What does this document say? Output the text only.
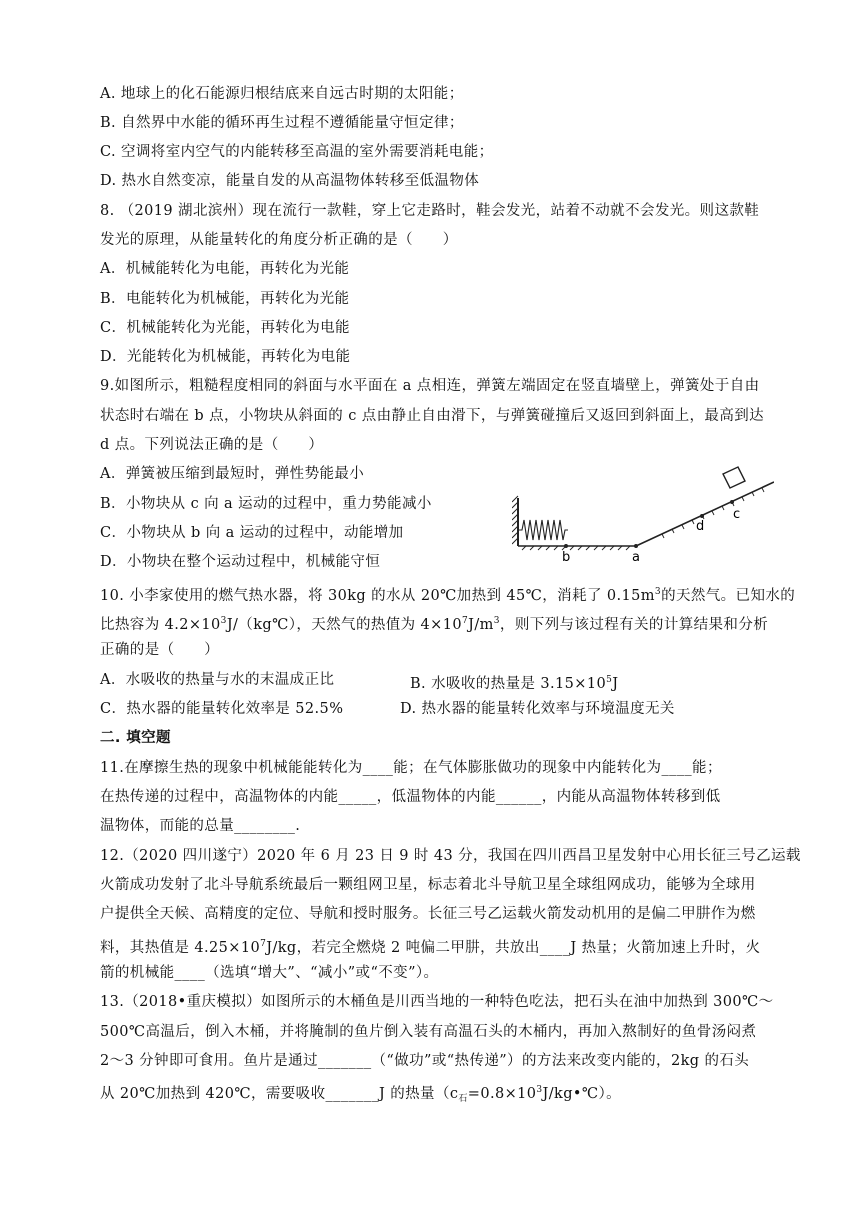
A. 地球上的化石能源归根结底来自远古时期的太阳能；
B. 自然界中水能的循环再生过程不遵循能量守恒定律；
C. 空调将室内空气的内能转移至高温的室外需要消耗电能；
D. 热水自然变凉，能量自发的从高温物体转移至低温物体
8. （2019 湖北滨州）现在流行一款鞋，穿上它走路时，鞋会发光，站着不动就不会发光。则这款鞋
发光的原理，从能量转化的角度分析正确的是（　　）
A．机械能转化为电能，再转化为光能
B．电能转化为机械能，再转化为光能
C．机械能转化为光能，再转化为电能
D．光能转化为机械能，再转化为电能
9.如图所示，粗糙程度相同的斜面与水平面在 a 点相连，弹簧左端固定在竖直墙壁上，弹簧处于自由
状态时右端在 b 点，小物块从斜面的 c 点由静止自由滑下，与弹簧碰撞后又返回到斜面上，最高到达
d 点。下列说法正确的是（　　）
A．弹簧被压缩到最短时，弹性势能最小
B．小物块从 c 向 a 运动的过程中，重力势能减小
C．小物块从 b 向 a 运动的过程中，动能增加
D．小物块在整个运动过程中，机械能守恒	b	a
d
c
10. 小李家使用的燃气热水器，将 30kg 的水从 20℃加热到 45℃，消耗了 $0.15m^3$的天然气。已知水的
比热容为 $4.2\times 10^3J/(kg℃)$，天然气的热值为 $4\times 10^7J/m^3$，则下列与该过程有关的计算结果和分析
正确的是（　　）
A．水吸收的热量与水的末温成正比	B. 水吸收的热量是 $3.15\times 10^5J$
C．热水器的能量转化效率是 52.5%	D. 热水器的能量转化效率与环境温度无关
二. 填空题
11.在摩擦生热的现象中机械能能转化为____能；在气体膨胀做功的现象中内能转化为____能；
在热传递的过程中，高温物体的内能_____，低温物体的内能______，内能从高温物体转移到低
温物体，而能的总量________.
12.（2020 四川遂宁）2020 年 6 月 23 日 9 时 43 分，我国在四川西昌卫星发射中心用长征三号乙运载
火箭成功发射了北斗导航系统最后一颗组网卫星，标志着北斗导航卫星全球组网成功，能够为全球用
户提供全天候、高精度的定位、导航和授时服务。长征三号乙运载火箭发动机用的是偏二甲肼作为燃
料，其热值是 $4.25\times 10^7J/kg$，若完全燃烧 2 吨偏二甲肼，共放出____J 热量；火箭加速上升时，火
箭的机械能____（选填“增大”、“减小”或“不变”）。
13.（2018•重庆模拟）如图所示的木桶鱼是川西当地的一种特色吃法，把石头在油中加热到 300℃～
500℃高温后，倒入木桶，并将腌制的鱼片倒入装有高温石头的木桶内，再加入熬制好的鱼骨汤闷煮
2～3 分钟即可食用。鱼片是通过_______（“做功”或“热传递”）的方法来改变内能的，2kg 的石头
从 20℃加热到 420℃，需要吸收_______J 的热量$(c_石=0.8\times 10^3J/kg•℃)$。
